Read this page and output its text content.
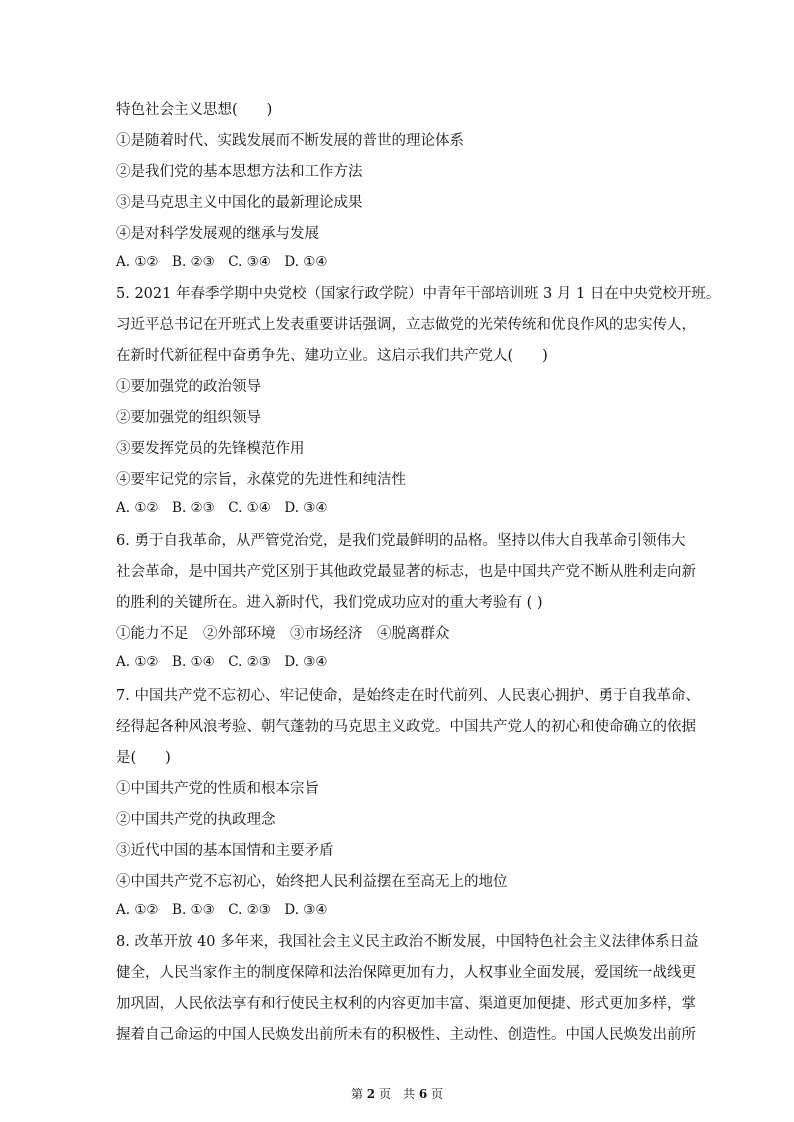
特色社会主义思想(　　)
①是随着时代、实践发展而不断发展的普世的理论体系
②是我们党的基本思想方法和工作方法
③是马克思主义中国化的最新理论成果
④是对科学发展观的继承与发展
A. ①②　B. ②③　C. ③④　D. ①④
5. 2021 年春季学期中央党校（国家行政学院）中青年干部培训班 3 月 1 日在中央党校开班。
习近平总书记在开班式上发表重要讲话强调，立志做党的光荣传统和优良作风的忠实传人，
在新时代新征程中奋勇争先、建功立业。这启示我们共产党人(　　)
①要加强党的政治领导
②要加强党的组织领导
③要发挥党员的先锋模范作用
④要牢记党的宗旨，永葆党的先进性和纯洁性
A. ①②　B. ②③　C. ①④　D. ③④
6. 勇于自我革命，从严管党治党，是我们党最鲜明的品格。坚持以伟大自我革命引领伟大
社会革命，是中国共产党区别于其他政党最显著的标志，也是中国共产党不断从胜利走向新
的胜利的关键所在。进入新时代，我们党成功应对的重大考验有 ( )
①能力不足　②外部环境　③市场经济　④脱离群众
A. ①②　B. ①④　C. ②③　D. ③④
7. 中国共产党不忘初心、牢记使命，是始终走在时代前列、人民衷心拥护、勇于自我革命、
经得起各种风浪考验、朝气蓬勃的马克思主义政党。中国共产党人的初心和使命确立的依据
是(　　)
①中国共产党的性质和根本宗旨
②中国共产党的执政理念
③近代中国的基本国情和主要矛盾
④中国共产党不忘初心，始终把人民利益摆在至高无上的地位
A. ①②　B. ①③　C. ②③　D. ③④
8. 改革开放 40 多年来，我国社会主义民主政治不断发展，中国特色社会主义法律体系日益
健全，人民当家作主的制度保障和法治保障更加有力，人权事业全面发展，爱国统一战线更
加巩固，人民依法享有和行使民主权利的内容更加丰富、渠道更加便捷、形式更加多样，掌
握着自己命运的中国人民焕发出前所未有的积极性、主动性、创造性。中国人民焕发出前所
第 2 页　共 6 页
